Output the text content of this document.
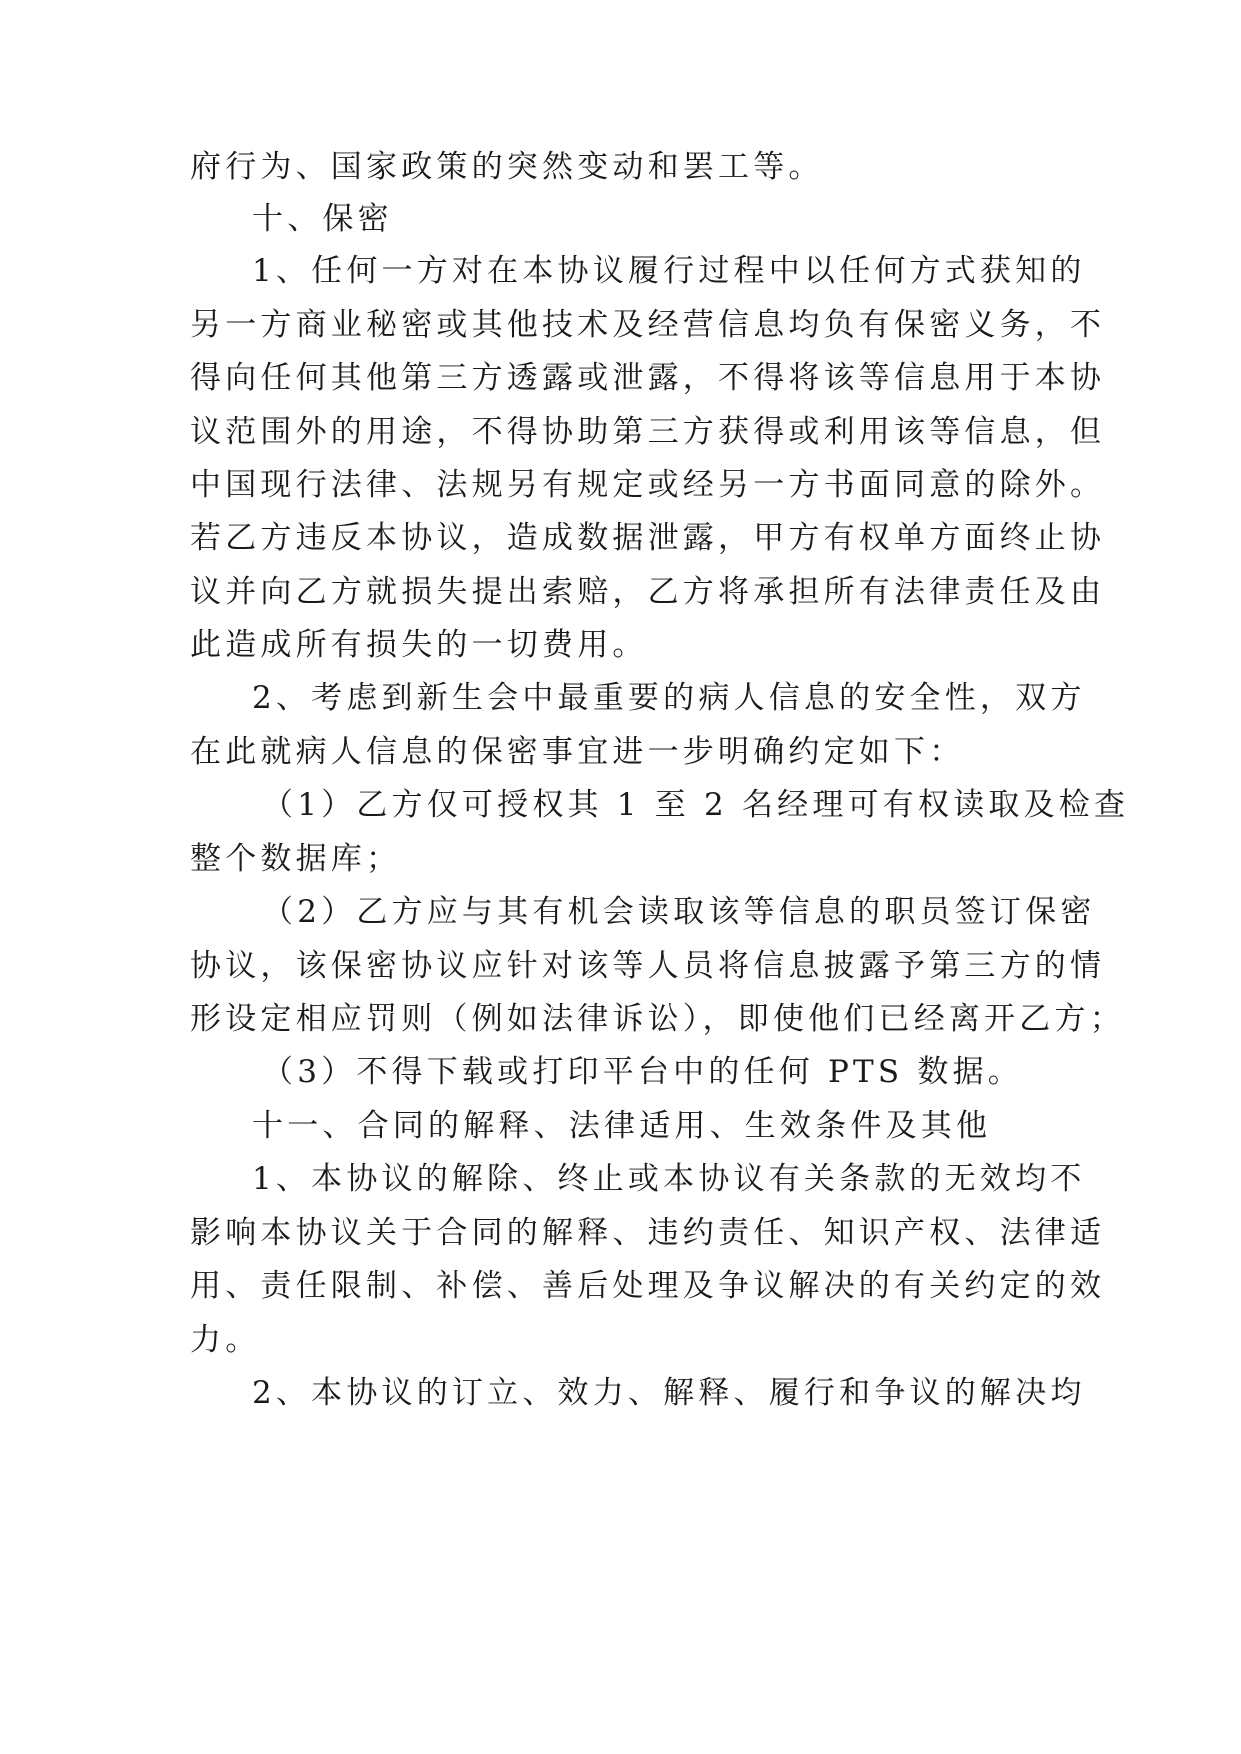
府行为、国家政策的突然变动和罢工等。
十、保密
1、任何一方对在本协议履行过程中以任何方式获知的
另一方商业秘密或其他技术及经营信息均负有保密义务，不
得向任何其他第三方透露或泄露，不得将该等信息用于本协
议范围外的用途，不得协助第三方获得或利用该等信息，但
中国现行法律、法规另有规定或经另一方书面同意的除外。
若乙方违反本协议，造成数据泄露，甲方有权单方面终止协
议并向乙方就损失提出索赔，乙方将承担所有法律责任及由
此造成所有损失的一切费用。
2、考虑到新生会中最重要的病人信息的安全性，双方
在此就病人信息的保密事宜进一步明确约定如下：
（1）乙方仅可授权其 1 至 2 名经理可有权读取及检查
整个数据库；
（2）乙方应与其有机会读取该等信息的职员签订保密
协议，该保密协议应针对该等人员将信息披露予第三方的情
形设定相应罚则（例如法律诉讼），即使他们已经离开乙方；
（3）不得下载或打印平台中的任何 PTS 数据。
十一、合同的解释、法律适用、生效条件及其他
1、本协议的解除、终止或本协议有关条款的无效均不
影响本协议关于合同的解释、违约责任、知识产权、法律适
用、责任限制、补偿、善后处理及争议解决的有关约定的效
力。
2、本协议的订立、效力、解释、履行和争议的解决均
